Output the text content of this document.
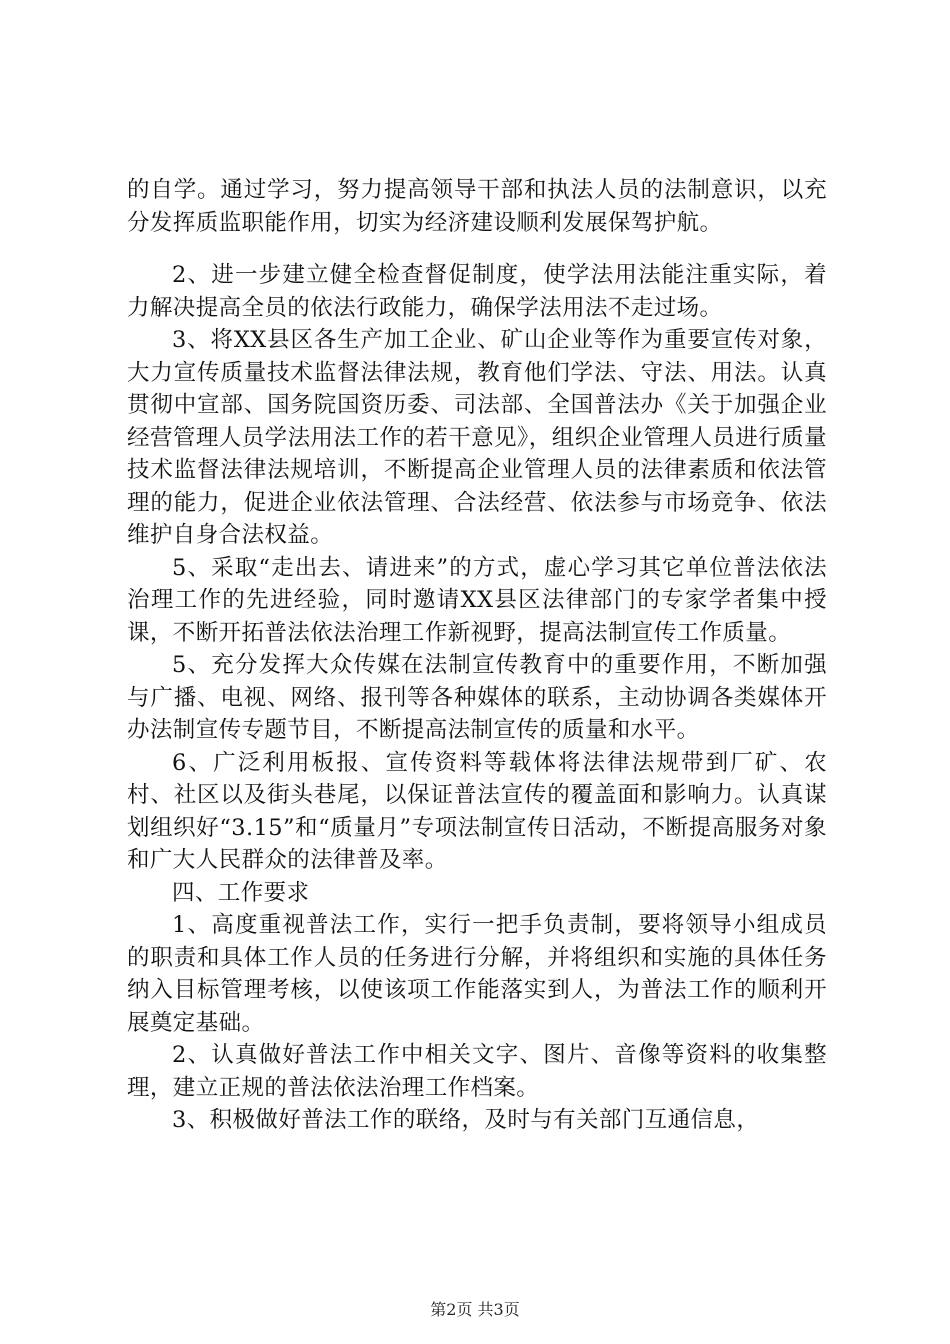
的自学。通过学习，努力提高领导干部和执法人员的法制意识，以充分发挥质监职能作用，切实为经济建设顺利发展保驾护航。

2、进一步建立健全检查督促制度，使学法用法能注重实际，着力解决提高全员的依法行政能力，确保学法用法不走过场。

3、将XX县区各生产加工企业、矿山企业等作为重要宣传对象，大力宣传质量技术监督法律法规，教育他们学法、守法、用法。认真贯彻中宣部、国务院国资历委、司法部、全国普法办《关于加强企业经营管理人员学法用法工作的若干意见》，组织企业管理人员进行质量技术监督法律法规培训，不断提高企业管理人员的法律素质和依法管理的能力，促进企业依法管理、合法经营、依法参与市场竞争、依法维护自身合法权益。

5、采取“走出去、请进来”的方式，虚心学习其它单位普法依法治理工作的先进经验，同时邀请XX县区法律部门的专家学者集中授课，不断开拓普法依法治理工作新视野，提高法制宣传工作质量。

5、充分发挥大众传媒在法制宣传教育中的重要作用，不断加强与广播、电视、网络、报刊等各种媒体的联系，主动协调各类媒体开办法制宣传专题节目，不断提高法制宣传的质量和水平。

6、广泛利用板报、宣传资料等载体将法律法规带到厂矿、农村、社区以及街头巷尾，以保证普法宣传的覆盖面和影响力。认真谋划组织好“3.15”和“质量月”专项法制宣传日活动，不断提高服务对象和广大人民群众的法律普及率。

四、工作要求

1、高度重视普法工作，实行一把手负责制，要将领导小组成员的职责和具体工作人员的任务进行分解，并将组织和实施的具体任务纳入目标管理考核，以使该项工作能落实到人，为普法工作的顺利开展奠定基础。

2、认真做好普法工作中相关文字、图片、音像等资料的收集整理，建立正规的普法依法治理工作档案。

3、积极做好普法工作的联络，及时与有关部门互通信息，

第2页 共3页
